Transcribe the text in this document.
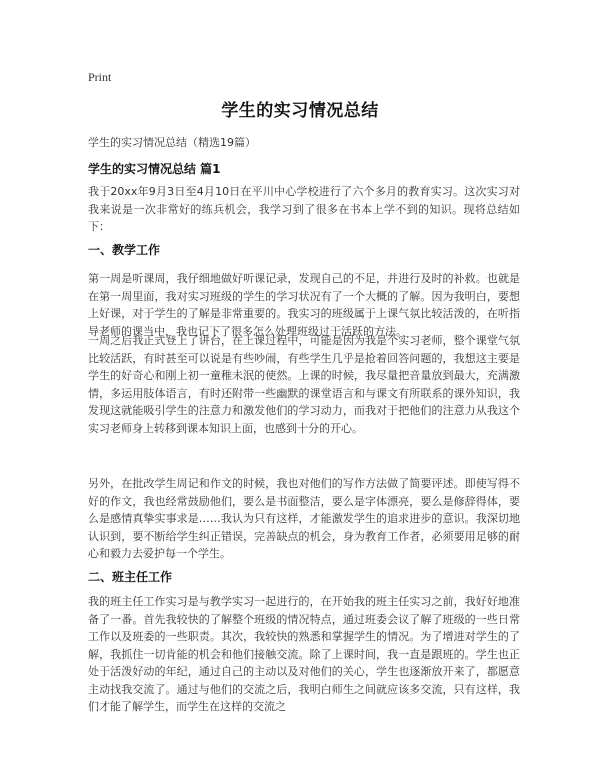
Print
学生的实习情况总结
学生的实习情况总结（精选19篇）
学生的实习情况总结 篇1

我于20xx年9月3日至4月10日在平川中心学校进行了六个多月的教育实习。这次实习对我来说是一次非常好的练兵机会，我学习到了很多在书本上学不到的知识。现将总结如下：

一、教学工作

第一周是听课周，我仔细地做好听课记录，发现自己的不足，并进行及时的补救。也就是在第一周里面，我对实习班级的学生的学习状况有了一个大概的了解。因为我明白，要想上好课，对于学生的了解是非常重要的。我实习的班级属于上课气氛比较活泼的，在听指导老师的课当中，我也记下了很多怎么处理班级过于活跃的方法。

一周之后我正式登上了讲台，在上课过程中，可能是因为我是个实习老师，整个课堂气氛比较活跃，有时甚至可以说是有些吵闹，有些学生几乎是抢着回答问题的，我想这主要是学生的好奇心和刚上初一童稚未泯的使然。上课的时候，我尽量把音量放到最大，充满激情，多运用肢体语言，有时还附带一些幽默的课堂语言和与课文有所联系的课外知识，我发现这就能吸引学生的注意力和激发他们的学习动力，而我对于把他们的注意力从我这个实习老师身上转移到课本知识上面，也感到十分的开心。

另外，在批改学生周记和作文的时候，我也对他们的写作方法做了简要评述。即使写得不好的作文，我也经常鼓励他们，要么是书面整洁，要么是字体漂亮，要么是修辞得体，要么是感情真挚实事求是……我认为只有这样，才能激发学生的追求进步的意识。我深切地认识到，要不断给学生纠正错误，完善缺点的机会，身为教育工作者，必须要用足够的耐心和毅力去爱护每一个学生。

二、班主任工作

我的班主任工作实习是与教学实习一起进行的，在开始我的班主任实习之前，我好好地准备了一番。首先我较快的了解整个班级的情况特点，通过班委会议了解了班级的一些日常工作以及班委的一些职责。其次，我较快的熟悉和掌握学生的情况。为了增进对学生的了解，我抓住一切肯能的机会和他们接触交流。除了上课时间，我一直是跟班的。学生也正处于活泼好动的年纪，通过自己的主动以及对他们的关心，学生也逐渐放开来了，都愿意主动找我交流了。通过与他们的交流之后，我明白师生之间就应该多交流，只有这样，我们才能了解学生，而学生在这样的交流之
